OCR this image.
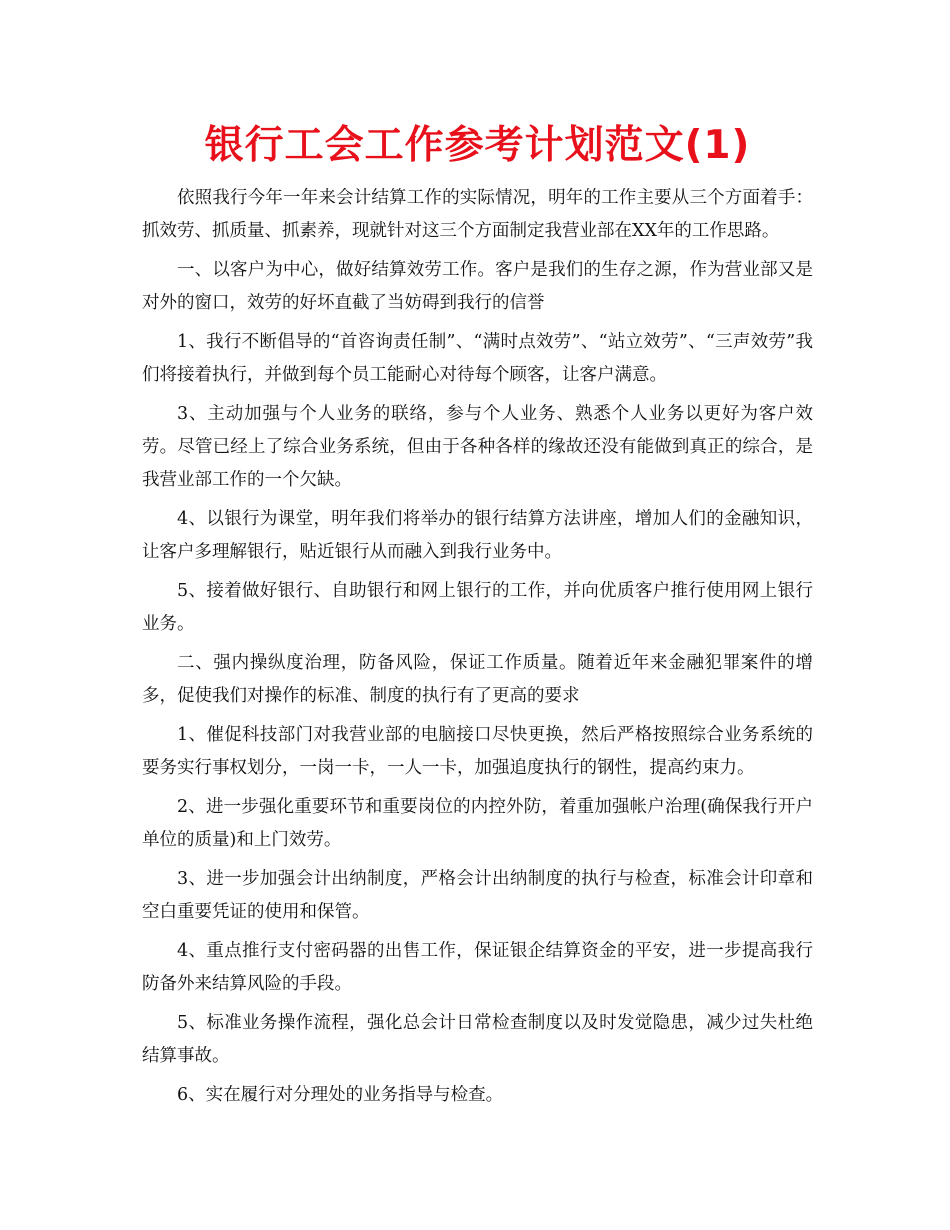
银行工会工作参考计划范文(1)

依照我行今年一年来会计结算工作的实际情况，明年的工作主要从三个方面着手：抓效劳、抓质量、抓素养，现就针对这三个方面制定我营业部在XX年的工作思路。

一、以客户为中心，做好结算效劳工作。客户是我们的生存之源，作为营业部又是对外的窗口，效劳的好坏直截了当妨碍到我行的信誉

1、我行不断倡导的“首咨询责任制”、“满时点效劳”、“站立效劳”、“三声效劳”我们将接着执行，并做到每个员工能耐心对待每个顾客，让客户满意。

3、主动加强与个人业务的联络，参与个人业务、熟悉个人业务以更好为客户效劳。尽管已经上了综合业务系统，但由于各种各样的缘故还没有能做到真正的综合，是我营业部工作的一个欠缺。

4、以银行为课堂，明年我们将举办的银行结算方法讲座，增加人们的金融知识，让客户多理解银行，贴近银行从而融入到我行业务中。

5、接着做好银行、自助银行和网上银行的工作，并向优质客户推行使用网上银行业务。

二、强内操纵度治理，防备风险，保证工作质量。随着近年来金融犯罪案件的增多，促使我们对操作的标准、制度的执行有了更高的要求

1、催促科技部门对我营业部的电脑接口尽快更换，然后严格按照综合业务系统的要务实行事权划分，一岗一卡，一人一卡，加强追度执行的钢性，提高约束力。

2、进一步强化重要环节和重要岗位的内控外防，着重加强帐户治理(确保我行开户单位的质量)和上门效劳。

3、进一步加强会计出纳制度，严格会计出纳制度的执行与检查，标准会计印章和空白重要凭证的使用和保管。

4、重点推行支付密码器的出售工作，保证银企结算资金的平安，进一步提高我行防备外来结算风险的手段。

5、标准业务操作流程，强化总会计日常检查制度以及时发觉隐患，减少过失杜绝结算事故。

6、实在履行对分理处的业务指导与检查。
